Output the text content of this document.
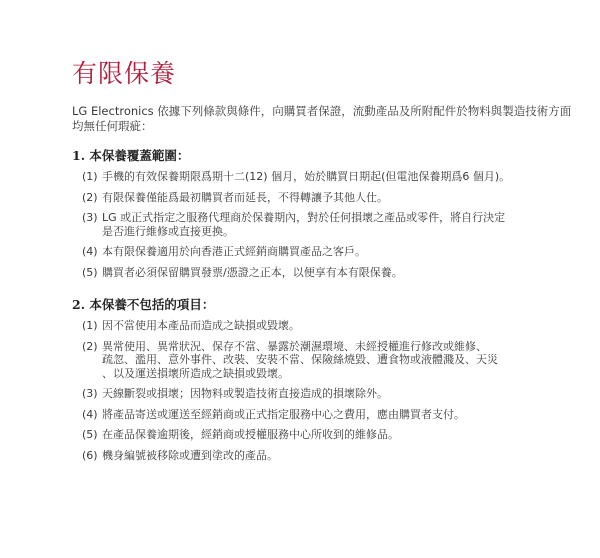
有限保養
LG Electronics 依據下列條款與條件，向購買者保證，流動產品及所附配件於物料與製造技術方面均無任何瑕疵：
1. 本保養覆蓋範圍：
(1) 手機的有效保養期限爲期十二(12) 個月，始於購買日期起(但電池保養期爲6 個月)。
(2) 有限保養僅能爲最初購買者而延長，不得轉讓予其他人仕。
(3) LG 或正式指定之服務代理商於保養期內，對於任何損壞之產品或零件，將自行決定
是否進行維修或直接更換。
(4) 本有限保養適用於向香港正式經銷商購買產品之客戶。
(5) 購買者必須保留購買發票/憑證之正本，以便享有本有限保養。
2. 本保養不包括的項目：
(1) 因不當使用本產品而造成之缺損或毀壞。
(2) 異常使用、異常狀況、保存不當、暴露於潮濕環境、未經授權進行修改或維修、
疏忽、濫用、意外事件、改裝、安裝不當、保險絲燒毀、遭食物或液體濺及、天災
、以及運送損壞所造成之缺損或毀壞。
(3) 天線斷裂或損壞；因物料或製造技術直接造成的損壞除外。
(4) 將產品寄送或運送至經銷商或正式指定服務中心之費用，應由購買者支付。
(5) 在產品保養逾期後，經銷商或授權服務中心所收到的維修品。
(6) 機身編號被移除或遭到塗改的產品。
